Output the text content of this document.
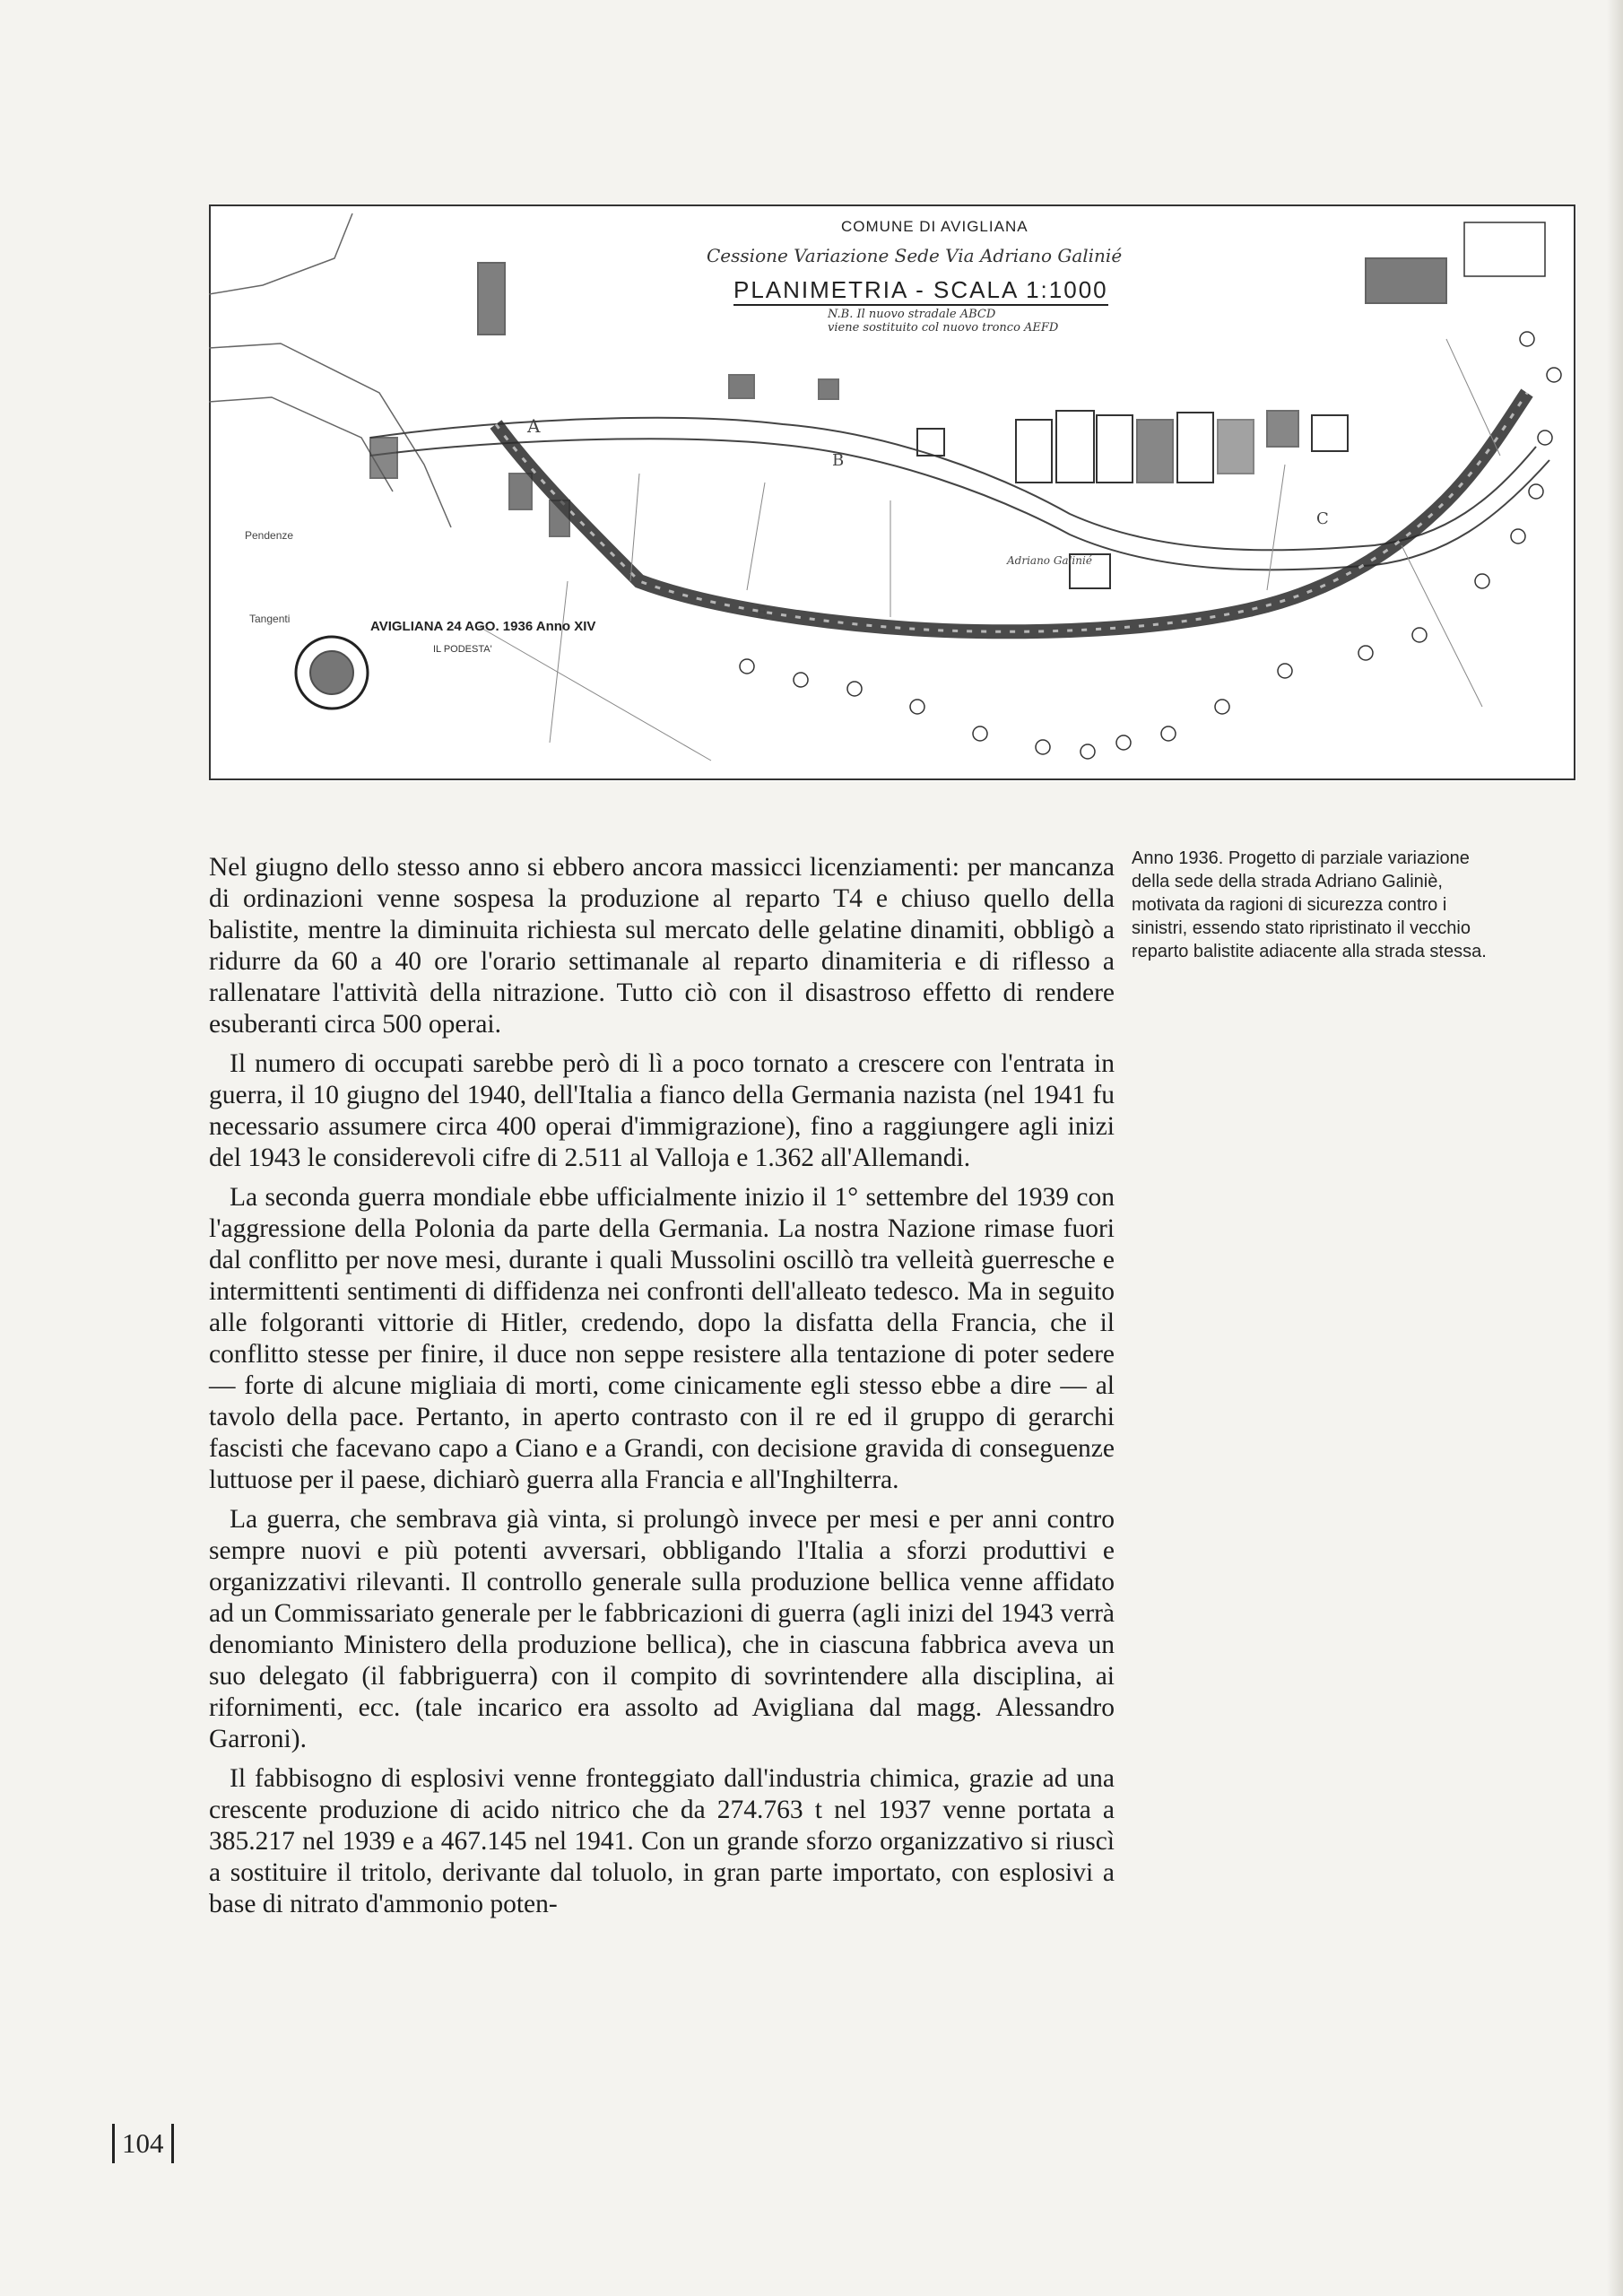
COMUNE DI AVIGLIANA
Cessione Variazione Sede Via Adriano Galinié
PLANIMETRIA - SCALA 1:1000
N.B. Il nuovo stradale ABCD
viene sostituito col nuovo tronco AEFD
Pendenze
Tangenti	AVIGLIANA 24 AGO. 1936 Anno XIV
IL PODESTA'
Adriano Galinié
A
B
C
E

Nel giugno dello stesso anno si ebbero ancora massicci licenziamenti: per mancanza di ordinazioni venne sospesa la produzione al reparto T4 e chiuso quello della balistite, mentre la diminuita richiesta sul mercato delle gelatine dinamiti, obbligò a ridurre da 60 a 40 ore l'orario settimanale al reparto dinamiteria e di riflesso a rallenatare l'attività della nitrazione. Tutto ciò con il disastroso effetto di rendere esuberanti circa 500 operai.

Il numero di occupati sarebbe però di lì a poco tornato a crescere con l'entrata in guerra, il 10 giugno del 1940, dell'Italia a fianco della Germania nazista (nel 1941 fu necessario assumere circa 400 operai d'immigrazione), fino a raggiungere agli inizi del 1943 le considerevoli cifre di 2.511 al Valloja e 1.362 all'Allemandi.

La seconda guerra mondiale ebbe ufficialmente inizio il 1° settembre del 1939 con l'aggressione della Polonia da parte della Germania. La nostra Nazione rimase fuori dal conflitto per nove mesi, durante i quali Mussolini oscillò tra velleità guerresche e intermittenti sentimenti di diffidenza nei confronti dell'alleato tedesco. Ma in seguito alle folgoranti vittorie di Hitler, credendo, dopo la disfatta della Francia, che il conflitto stesse per finire, il duce non seppe resistere alla tentazione di poter sedere — forte di alcune migliaia di morti, come cinicamente egli stesso ebbe a dire — al tavolo della pace. Pertanto, in aperto contrasto con il re ed il gruppo di gerarchi fascisti che facevano capo a Ciano e a Grandi, con decisione gravida di conseguenze luttuose per il paese, dichiarò guerra alla Francia e all'Inghilterra.

La guerra, che sembrava già vinta, si prolungò invece per mesi e per anni contro sempre nuovi e più potenti avversari, obbligando l'Italia a sforzi produttivi e organizzativi rilevanti. Il controllo generale sulla produzione bellica venne affidato ad un Commissariato generale per le fabbricazioni di guerra (agli inizi del 1943 verrà denomianto Ministero della produzione bellica), che in ciascuna fabbrica aveva un suo delegato (il fabbriguerra) con il compito di sovrintendere alla disciplina, ai rifornimenti, ecc. (tale incarico era assolto ad Avigliana dal magg. Alessandro Garroni).

Il fabbisogno di esplosivi venne fronteggiato dall'industria chimica, grazie ad una crescente produzione di acido nitrico che da 274.763 t nel 1937 venne portata a 385.217 nel 1939 e a 467.145 nel 1941. Con un grande sforzo organizzativo si riuscì a sostituire il tritolo, derivante dal toluolo, in gran parte importato, con esplosivi a base di nitrato d'ammonio poten-

Anno 1936. Progetto di parziale variazione della sede della strada Adriano Galiniè, motivata da ragioni di sicurezza contro i sinistri, essendo stato ripristinato il vecchio reparto balistite adiacente alla strada stessa.
104
